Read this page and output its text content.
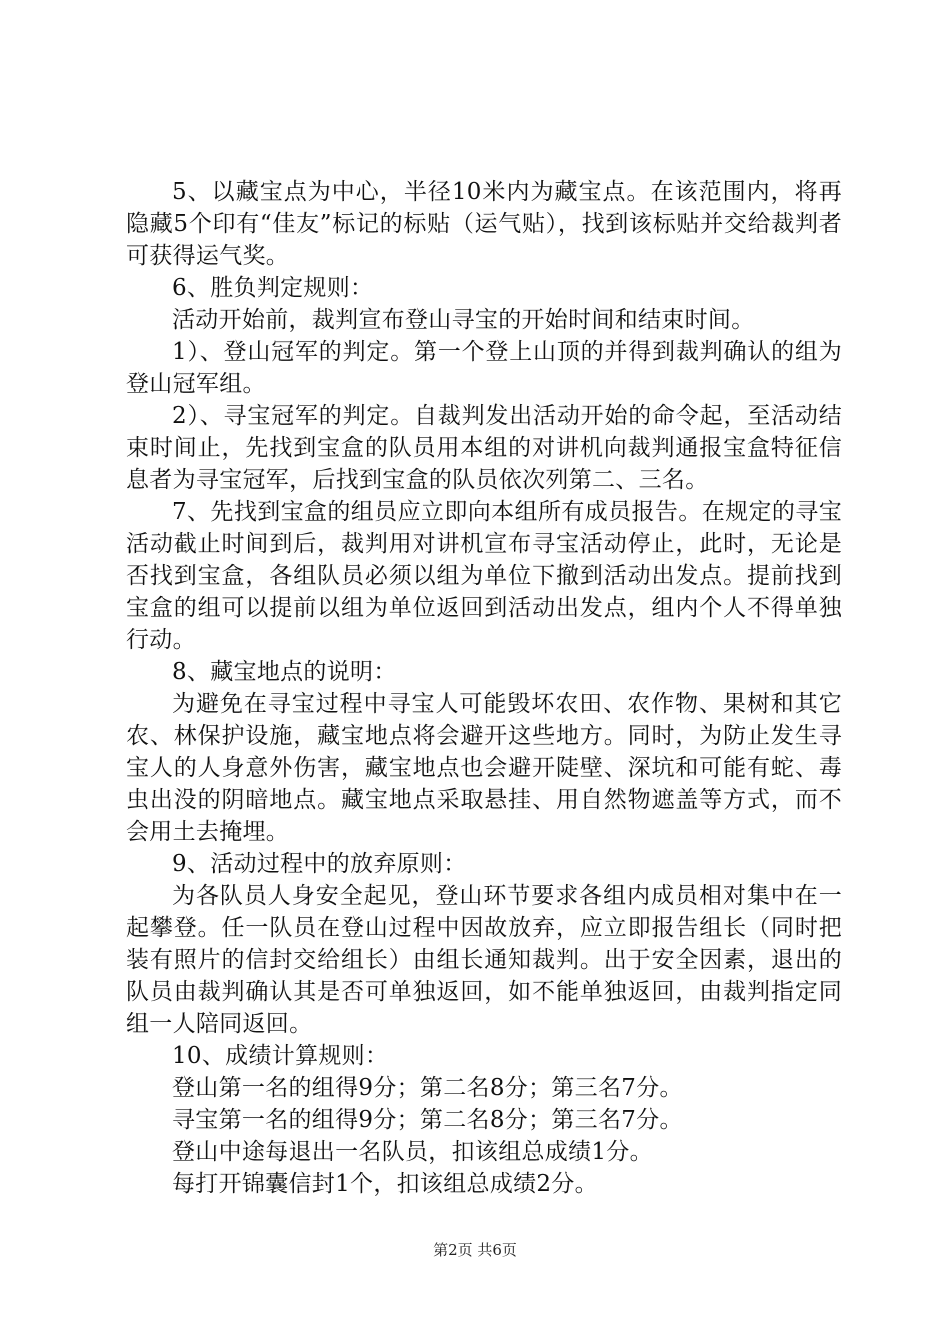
5、以藏宝点为中心，半径10米内为藏宝点。在该范围内，将再隐藏5个印有“佳友”标记的标贴（运气贴），找到该标贴并交给裁判者可获得运气奖。

6、胜负判定规则：

活动开始前，裁判宣布登山寻宝的开始时间和结束时间。

1）、登山冠军的判定。第一个登上山顶的并得到裁判确认的组为登山冠军组。

2）、寻宝冠军的判定。自裁判发出活动开始的命令起，至活动结束时间止，先找到宝盒的队员用本组的对讲机向裁判通报宝盒特征信息者为寻宝冠军，后找到宝盒的队员依次列第二、三名。

7、先找到宝盒的组员应立即向本组所有成员报告。在规定的寻宝活动截止时间到后，裁判用对讲机宣布寻宝活动停止，此时，无论是否找到宝盒，各组队员必须以组为单位下撤到活动出发点。提前找到宝盒的组可以提前以组为单位返回到活动出发点，组内个人不得单独行动。

8、藏宝地点的说明：

为避免在寻宝过程中寻宝人可能毁坏农田、农作物、果树和其它农、林保护设施，藏宝地点将会避开这些地方。同时，为防止发生寻宝人的人身意外伤害，藏宝地点也会避开陡壁、深坑和可能有蛇、毒虫出没的阴暗地点。藏宝地点采取悬挂、用自然物遮盖等方式，而不会用土去掩埋。

9、活动过程中的放弃原则：

为各队员人身安全起见，登山环节要求各组内成员相对集中在一起攀登。任一队员在登山过程中因故放弃，应立即报告组长（同时把装有照片的信封交给组长）由组长通知裁判。出于安全因素，退出的队员由裁判确认其是否可单独返回，如不能单独返回，由裁判指定同组一人陪同返回。

10、成绩计算规则：

登山第一名的组得9分；第二名8分；第三名7分。

寻宝第一名的组得9分；第二名8分；第三名7分。

登山中途每退出一名队员，扣该组总成绩1分。

每打开锦囊信封1个，扣该组总成绩2分。

第2页 共6页
